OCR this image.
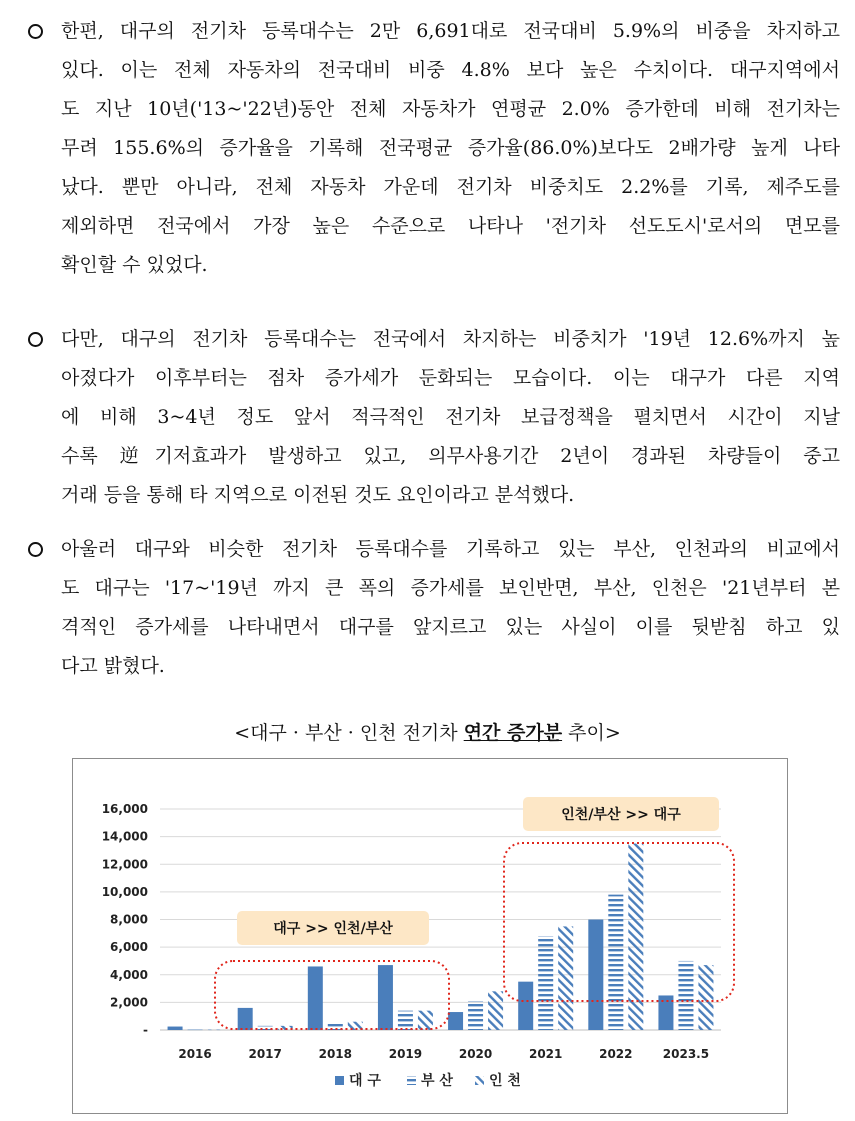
한편, 대구의 전기차 등록대수는 2만 6,691대로 전국대비 5.9%의 비중을 차지하고
있다. 이는 전체 자동차의 전국대비 비중 4.8% 보다 높은 수치이다. 대구지역에서
도 지난 10년('13~'22년)동안 전체 자동차가 연평균 2.0% 증가한데 비해 전기차는
무려 155.6%의 증가율을 기록해 전국평균 증가율(86.0%)보다도 2배가량 높게 나타
났다. 뿐만 아니라, 전체 자동차 가운데 전기차 비중치도 2.2%를 기록, 제주도를
제외하면 전국에서 가장 높은 수준으로 나타나 '전기차 선도도시'로서의 면모를
확인할 수 있었다.
다만, 대구의 전기차 등록대수는 전국에서 차지하는 비중치가 '19년 12.6%까지 높
아졌다가 이후부터는 점차 증가세가 둔화되는 모습이다. 이는 대구가 다른 지역
에 비해 3~4년 정도 앞서 적극적인 전기차 보급정책을 펼치면서 시간이 지날
수록 逆기저효과가 발생하고 있고, 의무사용기간 2년이 경과된 차량들이 중고
거래 등을 통해 타 지역으로 이전된 것도 요인이라고 분석했다.
아울러 대구와 비슷한 전기차 등록대수를 기록하고 있는 부산, 인천과의 비교에서
도 대구는 '17~'19년 까지 큰 폭의 증가세를 보인반면, 부산, 인천은 '21년부터 본
격적인 증가세를 나타내면서 대구를 앞지르고 있는 사실이 이를 뒷받침 하고 있
다고 밝혔다.
<대구 · 부산 · 인천 전기차 연간 증가분 추이>
-
2,000
4,000
6,000
8,000
10,000
12,000
14,000
16,000
2016	2017	2018	2019	2020	2021	2022	2023.5
대구 >> 인천/부산
인천/부산 >> 대구
대 구	부 산	인 천
